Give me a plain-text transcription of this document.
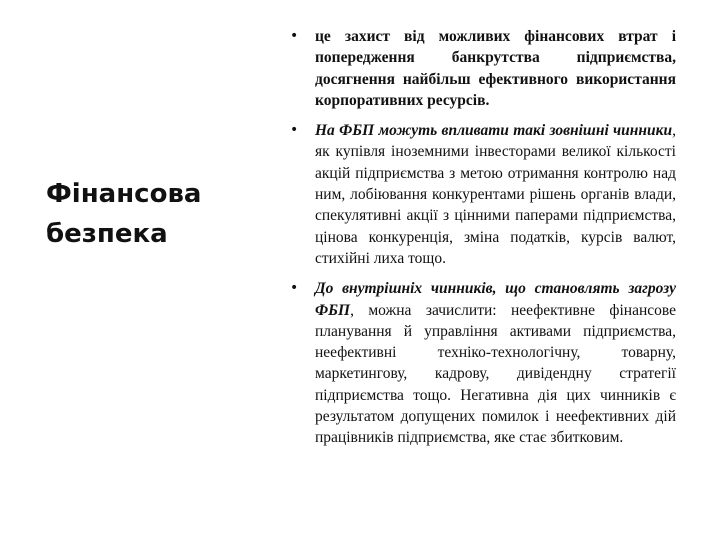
Фінансова
безпека
• це захист від можливих фінансових втрат і попередження банкрутства підприємства, досягнення найбільш ефективного використання корпоративних ресурсів.
• На ФБП можуть впливати такі зовнішні чинники, як купівля іноземними інвесторами великої кількості акцій підприємства з метою отримання контролю над ним, лобіювання конкурентами рішень органів влади, спекулятивні акції з цінними паперами підприємства, цінова конкуренція, зміна податків, курсів валют, стихійні лиха тощо.
• До внутрішніх чинників, що становлять загрозу ФБП, можна зачислити: неефективне фінансове планування й управління активами підприємства, неефективні техніко-технологічну, товарну, маркетингову, кадрову, дивідендну стратегії підприємства тощо. Негативна дія цих чинників є результатом допущених помилок і неефективних дій працівників підприємства, яке стає збитковим.
